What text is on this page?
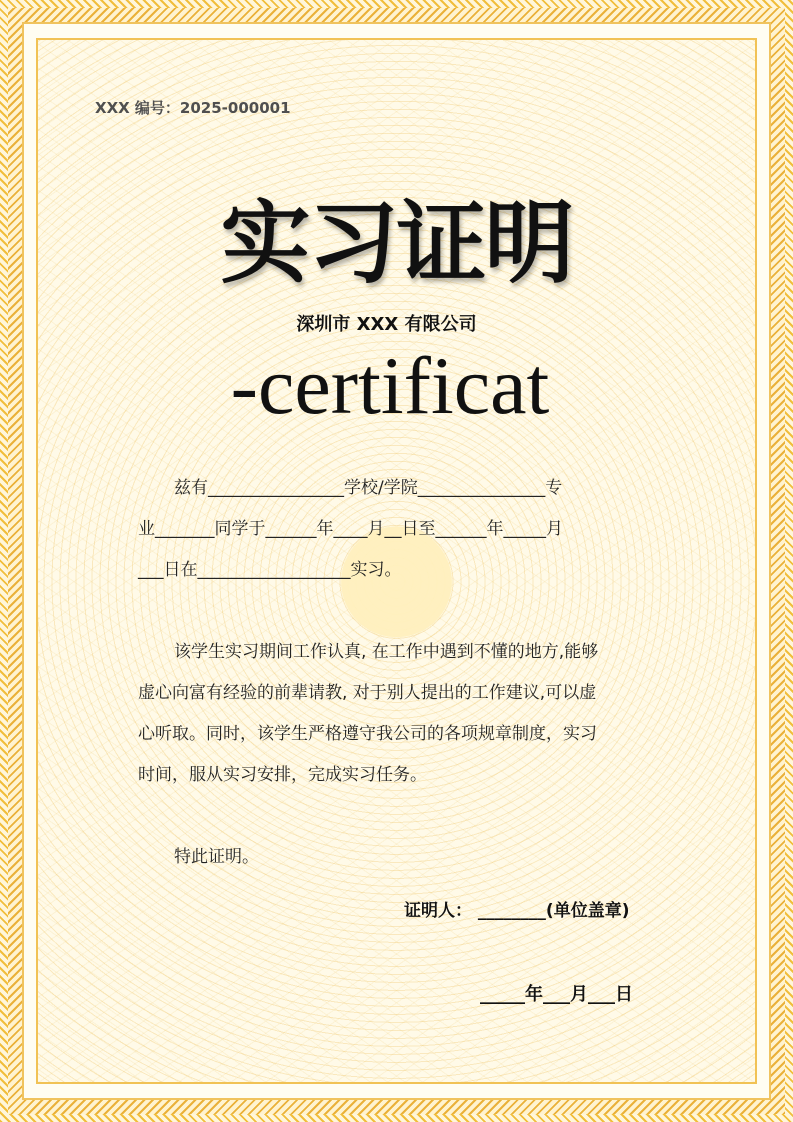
XXX 编号：2025-000001
实习证明
深圳市 XXX 有限公司
-certificat

兹有________________学校/学院_______________专

业_______同学于______年____月__日至______年_____月

___日在__________________实习。

该学生实习期间工作认真, 在工作中遇到不懂的地方,能够

虚心向富有经验的前辈请教, 对于别人提出的工作建议,可以虚

心听取。同时，该学生严格遵守我公司的各项规章制度，实习

时间，服从实习安排，完成实习任务。

特此证明。

证明人： ________(单位盖章)
_____年___月___日
